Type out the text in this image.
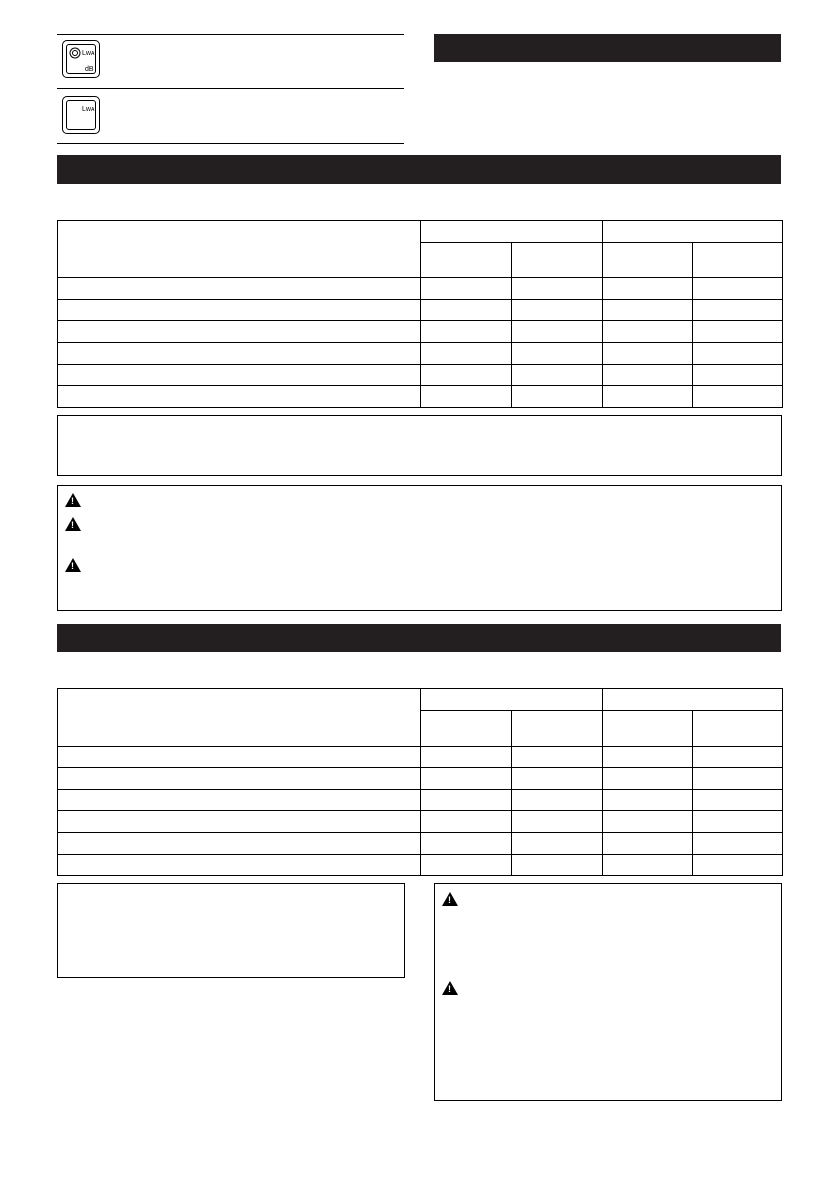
Lᴡᴀ
dB
Lᴡᴀ

!
!
!

!
!
